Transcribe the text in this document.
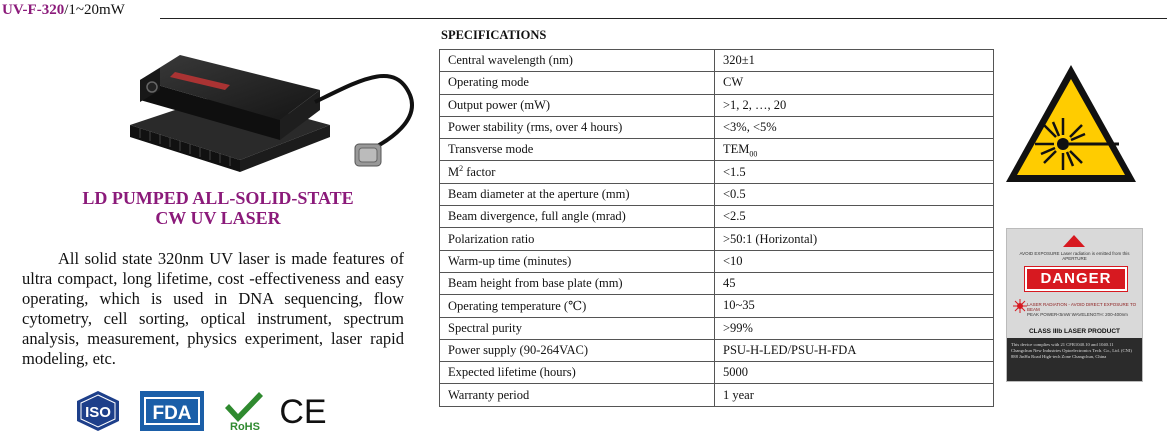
UV-F-320/1~20mW
LD PUMPED ALL-SOLID-STATE
CW UV LASER
All solid state 320nm UV laser is made features of ultra compact, long lifetime, cost -effectiveness and easy operating, which is used in DNA sequencing, flow cytometry, cell sorting, optical instrument, spectrum analysis, measurement, physics experiment, laser rapid modeling, etc.
ISO FDA
RoHS CE
SPECIFICATIONS
Central wavelength (nm)	320±1
Operating mode	CW
Output power (mW)	>1, 2, …, 20
Power stability (rms, over 4 hours)	<3%, <5%
Transverse mode	$TEM_{00}$
$M^2$ factor	<1.5
Beam diameter at the aperture (mm)	<0.5
Beam divergence, full angle (mrad)	<2.5
Polarization ratio	>50:1 (Horizontal)
Warm-up time (minutes)	<10
Beam height from base plate (mm)	45
Operating temperature (℃)	10~35
Spectral purity	>99%
Power supply (90-264VAC)	PSU-H-LED/PSU-H-FDA
Expected lifetime (hours)	5000
Warranty period	1 year
AVOID EXPOSURE Laser radiation is emitted from this APERTURE
DANGER
LASER RADIATION - AVOID DIRECT EXPOSURE TO BEAM
PEAK POWER<5mW WAVELENGTH: 200-400nm
CLASS IIIb LASER PRODUCT
This device complies with 21 CFR1040.10 and 1040.11
Changchun New Industries Optoelectronics Tech. Co., Ltd. (CNI)
888 JinHu Road High-tech Zone Changchun, China
